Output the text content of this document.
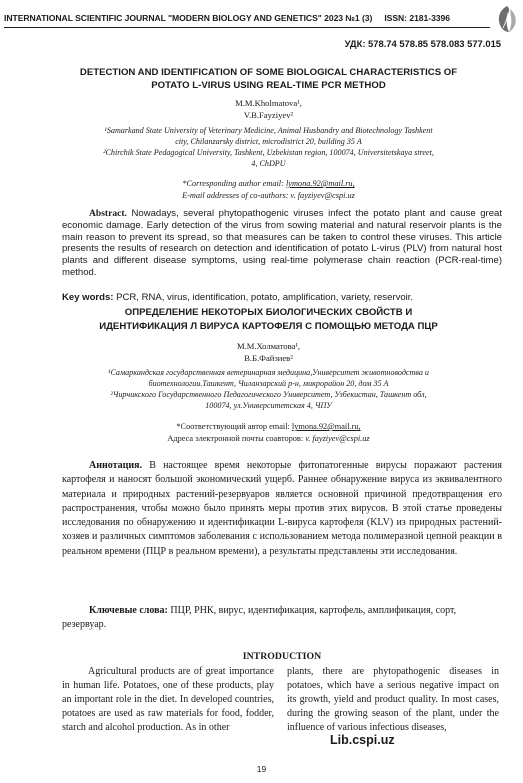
INTERNATIONAL SCIENTIFIC JOURNAL "MODERN BIOLOGY AND GENETICS" 2023 №1 (3) ISSN: 2181-3396
УДК: 578.74 578.85 578.083 577.015
DETECTION AND IDENTIFICATION OF SOME BIOLOGICAL CHARACTERISTICS OF
POTATO L-VIRUS USING REAL-TIME PCR METHOD
M.M.Kholmatova¹,
V.B.Fayziyev²
¹Samarkand State University of Veterinary Medicine, Animal Husbandry and Biotechnology Tashkent
city, Chilanzarsky district, microdistrict 20, building 35 A
²Chirchik State Pedagogical University, Tashkent, Uzbekistan region, 100074, Universitetskaya street,
4, ChDPU
*Corresponding author email: lymona.92@mail.ru,
E-mail addresses of co-authors: v. fayziyev@cspi.uz

Abstract. Nowadays, several phytopathogenic viruses infect the potato plant and cause great economic damage. Early detection of the virus from sowing material and natural reservoir plants is the main reason to prevent its spread, so that measures can be taken to control these viruses. This article presents the results of research on detection and identification of potato L-virus (PLV) from natural host plants and different disease symptoms, using real-time polymerase chain reaction (PCR-real-time) method.

Key words: PCR, RNA, virus, identification, potato, amplification, variety, reservoir.

ОПРЕДЕЛЕНИЕ НЕКОТОРЫХ БИОЛОГИЧЕСКИХ СВОЙСТВ И
ИДЕНТИФИКАЦИЯ Л ВИРУСА КАРТОФЕЛЯ С ПОМОЩЬЮ МЕТОДА ПЦР
М.М.Холматова¹,
В.Б.Файзиев²
¹Самаркандская государственная ветеринарная медицина,Университет животноводства и
биотехнологии.Ташкент, Чиланзарский р-н, микрорайон 20, дом 35 А
²Чирчикского Государственного Педагогического Университет, Узбекистан, Ташкент обл,
100074, ул.Университетская 4, ЧПУ
*Соответствующий автор email: lymona.92@mail.ru,
Адреса электронной почты соавторов: v. fayziyev@cspi.uz

Аннотация. В настоящее время некоторые фитопатогенные вирусы поражают растения картофеля и наносят большой экономический ущерб. Раннее обнаружение вируса из эквивалентного материала и природных растений-резервуаров является основной причиной предотвращения его распространения, чтобы можно было принять меры против этих вирусов. В этой статье проведены исследования по обнаружению и идентификации L-вируса картофеля (KLV) из природных растений-хозяев и различных симптомов заболевания с использованием метода полимеразной цепной реакции в реальном времени (ПЦР в реальном времени), а результаты представлены эти исследования.

Ключевые слова: ПЦР, РНК, вирус, идентификация, картофель, амплификация, сорт, резервуар.

INTRODUCTION

Agricultural products are of great importance in human life. Potatoes, one of these products, play an important role in the diet. In developed countries, potatoes are used as raw materials for food, fodder, starch and alcohol production. As in other

plants, there are phytopathogenic diseases in potatoes, which have a serious negative impact on its growth, yield and product quality. In most cases, during the growing season of the plant, under the influence of various infectious diseases,

Lib.cspi.uz
19
